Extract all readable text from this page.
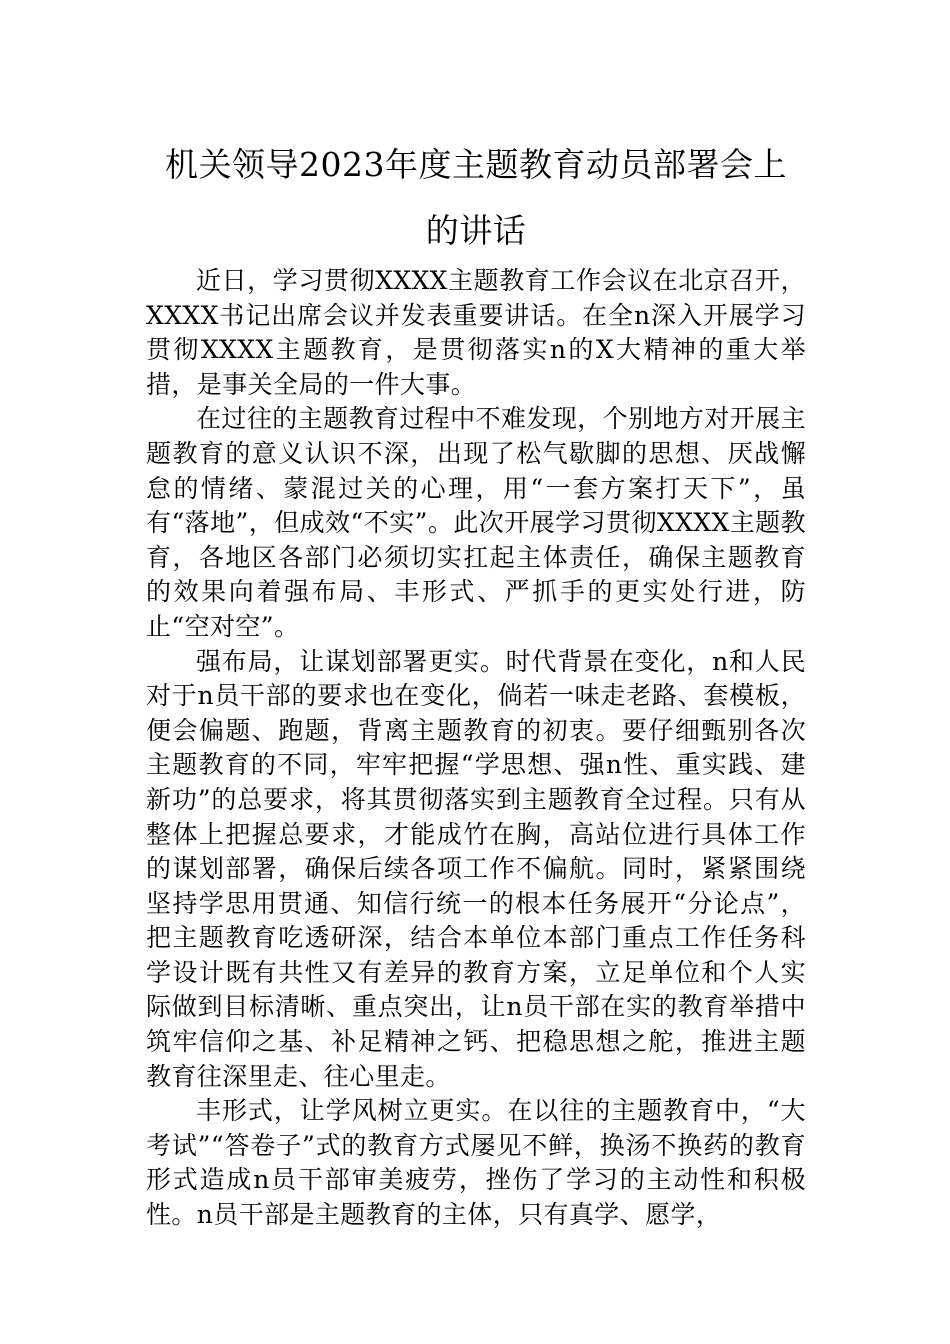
机关领导2023年度主题教育动员部署会上
的讲话

近日，学习贯彻XXXX主题教育工作会议在北京召开，XXXX书记出席会议并发表重要讲话。在全n深入开展学习贯彻XXXX主题教育，是贯彻落实n的X大精神的重大举措，是事关全局的一件大事。

在过往的主题教育过程中不难发现，个别地方对开展主题教育的意义认识不深，出现了松气歇脚的思想、厌战懈怠的情绪、蒙混过关的心理，用“一套方案打天下”，虽有“落地”，但成效“不实”。此次开展学习贯彻XXXX主题教育，各地区各部门必须切实扛起主体责任，确保主题教育的效果向着强布局、丰形式、严抓手的更实处行进，防止“空对空”。

强布局，让谋划部署更实。时代背景在变化，n和人民对于n员干部的要求也在变化，倘若一味走老路、套模板，便会偏题、跑题，背离主题教育的初衷。要仔细甄别各次主题教育的不同，牢牢把握“学思想、强n性、重实践、建新功”的总要求，将其贯彻落实到主题教育全过程。只有从整体上把握总要求，才能成竹在胸，高站位进行具体工作的谋划部署，确保后续各项工作不偏航。同时，紧紧围绕坚持学思用贯通、知信行统一的根本任务展开“分论点”，把主题教育吃透研深，结合本单位本部门重点工作任务科学设计既有共性又有差异的教育方案，立足单位和个人实际做到目标清晰、重点突出，让n员干部在实的教育举措中筑牢信仰之基、补足精神之钙、把稳思想之舵，推进主题教育往深里走、往心里走。

丰形式，让学风树立更实。在以往的主题教育中，“大考试”“答卷子”式的教育方式屡见不鲜，换汤不换药的教育形式造成n员干部审美疲劳，挫伤了学习的主动性和积极性。n员干部是主题教育的主体，只有真学、愿学，
